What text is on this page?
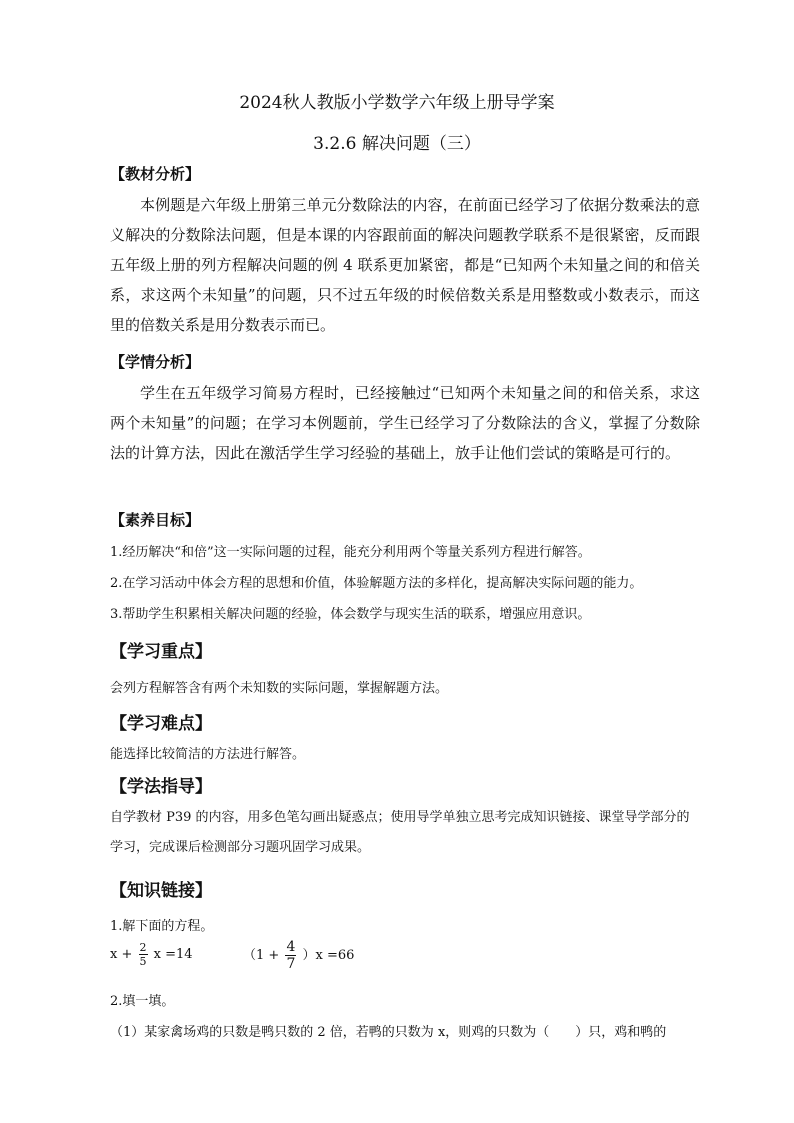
2024秋人教版小学数学六年级上册导学案
3.2.6 解决问题（三）
【教材分析】
本例题是六年级上册第三单元分数除法的内容，在前面已经学习了依据分数乘法的意义解决的分数除法问题，但是本课的内容跟前面的解决问题教学联系不是很紧密，反而跟五年级上册的列方程解决问题的例 4 联系更加紧密，都是“已知两个未知量之间的和倍关系，求这两个未知量”的问题，只不过五年级的时候倍数关系是用整数或小数表示，而这里的倍数关系是用分数表示而已。
【学情分析】
学生在五年级学习简易方程时，已经接触过“已知两个未知量之间的和倍关系，求这两个未知量”的问题；在学习本例题前，学生已经学习了分数除法的含义，掌握了分数除法的计算方法，因此在激活学生学习经验的基础上，放手让他们尝试的策略是可行的。
【素养目标】
1.经历解决“和倍”这一实际问题的过程，能充分利用两个等量关系列方程进行解答。
2.在学习活动中体会方程的思想和价值，体验解题方法的多样化，提高解决实际问题的能力。
3.帮助学生积累相关解决问题的经验，体会数学与现实生活的联系，增强应用意识。
【学习重点】
会列方程解答含有两个未知数的实际问题，掌握解题方法。
【学习难点】
能选择比较简洁的方法进行解答。
【学法指导】
自学教材 P39 的内容，用多色笔勾画出疑惑点；使用导学单独立思考完成知识链接、课堂导学部分的学习，完成课后检测部分习题巩固学习成果。
【知识链接】
1.解下面的方程。
$x + \frac{2}{5}$ x =14	$(1 + \frac{4}{7} )x =66$
2.填一填。
（1）某家禽场鸡的只数是鸭只数的 2 倍，若鸭的只数为 x，则鸡的只数为（　　）只，鸡和鸭的
